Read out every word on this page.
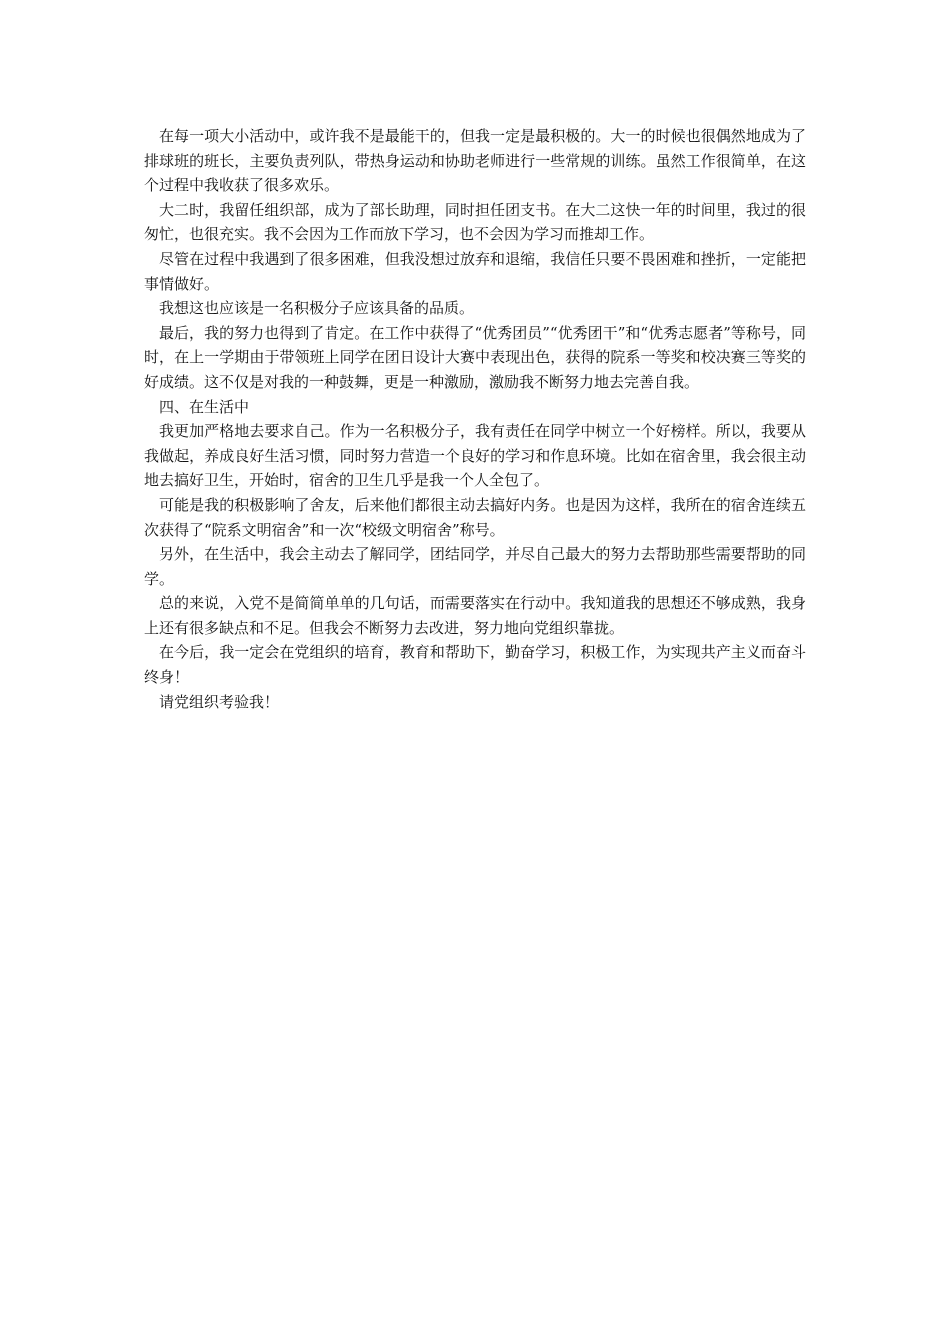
在每一项大小活动中，或许我不是最能干的，但我一定是最积极的。大一的时候也很偶然地成为了排球班的班长，主要负责列队，带热身运动和协助老师进行一些常规的训练。虽然工作很简单，在这个过程中我收获了很多欢乐。

大二时，我留任组织部，成为了部长助理，同时担任团支书。在大二这快一年的时间里，我过的很匆忙，也很充实。我不会因为工作而放下学习，也不会因为学习而推却工作。

尽管在过程中我遇到了很多困难，但我没想过放弃和退缩，我信任只要不畏困难和挫折，一定能把事情做好。

我想这也应该是一名积极分子应该具备的品质。

最后，我的努力也得到了肯定。在工作中获得了“优秀团员”“优秀团干”和“优秀志愿者”等称号，同时，在上一学期由于带领班上同学在团日设计大赛中表现出色，获得的院系一等奖和校决赛三等奖的好成绩。这不仅是对我的一种鼓舞，更是一种激励，激励我不断努力地去完善自我。

四、在生活中

我更加严格地去要求自己。作为一名积极分子，我有责任在同学中树立一个好榜样。所以，我要从我做起，养成良好生活习惯，同时努力营造一个良好的学习和作息环境。比如在宿舍里，我会很主动地去搞好卫生，开始时，宿舍的卫生几乎是我一个人全包了。

可能是我的积极影响了舍友，后来他们都很主动去搞好内务。也是因为这样，我所在的宿舍连续五次获得了“院系文明宿舍”和一次“校级文明宿舍”称号。

另外，在生活中，我会主动去了解同学，团结同学，并尽自己最大的努力去帮助那些需要帮助的同学。

总的来说，入党不是简简单单的几句话，而需要落实在行动中。我知道我的思想还不够成熟，我身上还有很多缺点和不足。但我会不断努力去改进，努力地向党组织靠拢。

在今后，我一定会在党组织的培育，教育和帮助下，勤奋学习，积极工作，为实现共产主义而奋斗终身！

请党组织考验我！
